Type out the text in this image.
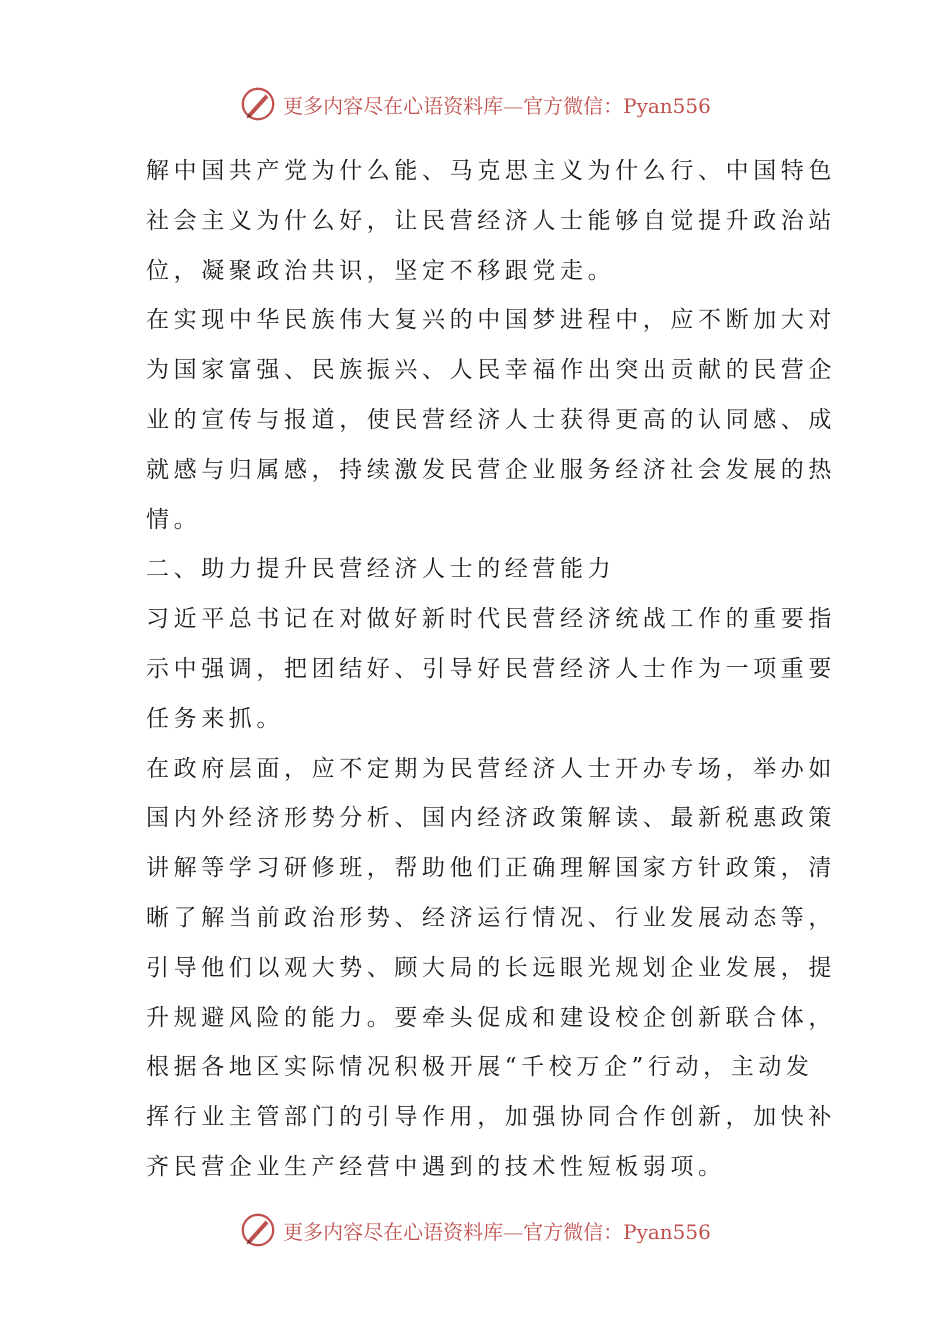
更多内容尽在心语资料库—官方微信：Pyan556
解中国共产党为什么能、马克思主义为什么行、中国特色
社会主义为什么好，让民营经济人士能够自觉提升政治站
位，凝聚政治共识，坚定不移跟党走。
在实现中华民族伟大复兴的中国梦进程中，应不断加大对
为国家富强、民族振兴、人民幸福作出突出贡献的民营企
业的宣传与报道，使民营经济人士获得更高的认同感、成
就感与归属感，持续激发民营企业服务经济社会发展的热
情。
二、助力提升民营经济人士的经营能力
习近平总书记在对做好新时代民营经济统战工作的重要指
示中强调，把团结好、引导好民营经济人士作为一项重要
任务来抓。
在政府层面，应不定期为民营经济人士开办专场，举办如
国内外经济形势分析、国内经济政策解读、最新税惠政策
讲解等学习研修班，帮助他们正确理解国家方针政策，清
晰了解当前政治形势、经济运行情况、行业发展动态等，
引导他们以观大势、顾大局的长远眼光规划企业发展，提
升规避风险的能力。要牵头促成和建设校企创新联合体，
根据各地区实际情况积极开展“千校万企”行动，主动发
挥行业主管部门的引导作用，加强协同合作创新，加快补
齐民营企业生产经营中遇到的技术性短板弱项。
更多内容尽在心语资料库—官方微信：Pyan556
